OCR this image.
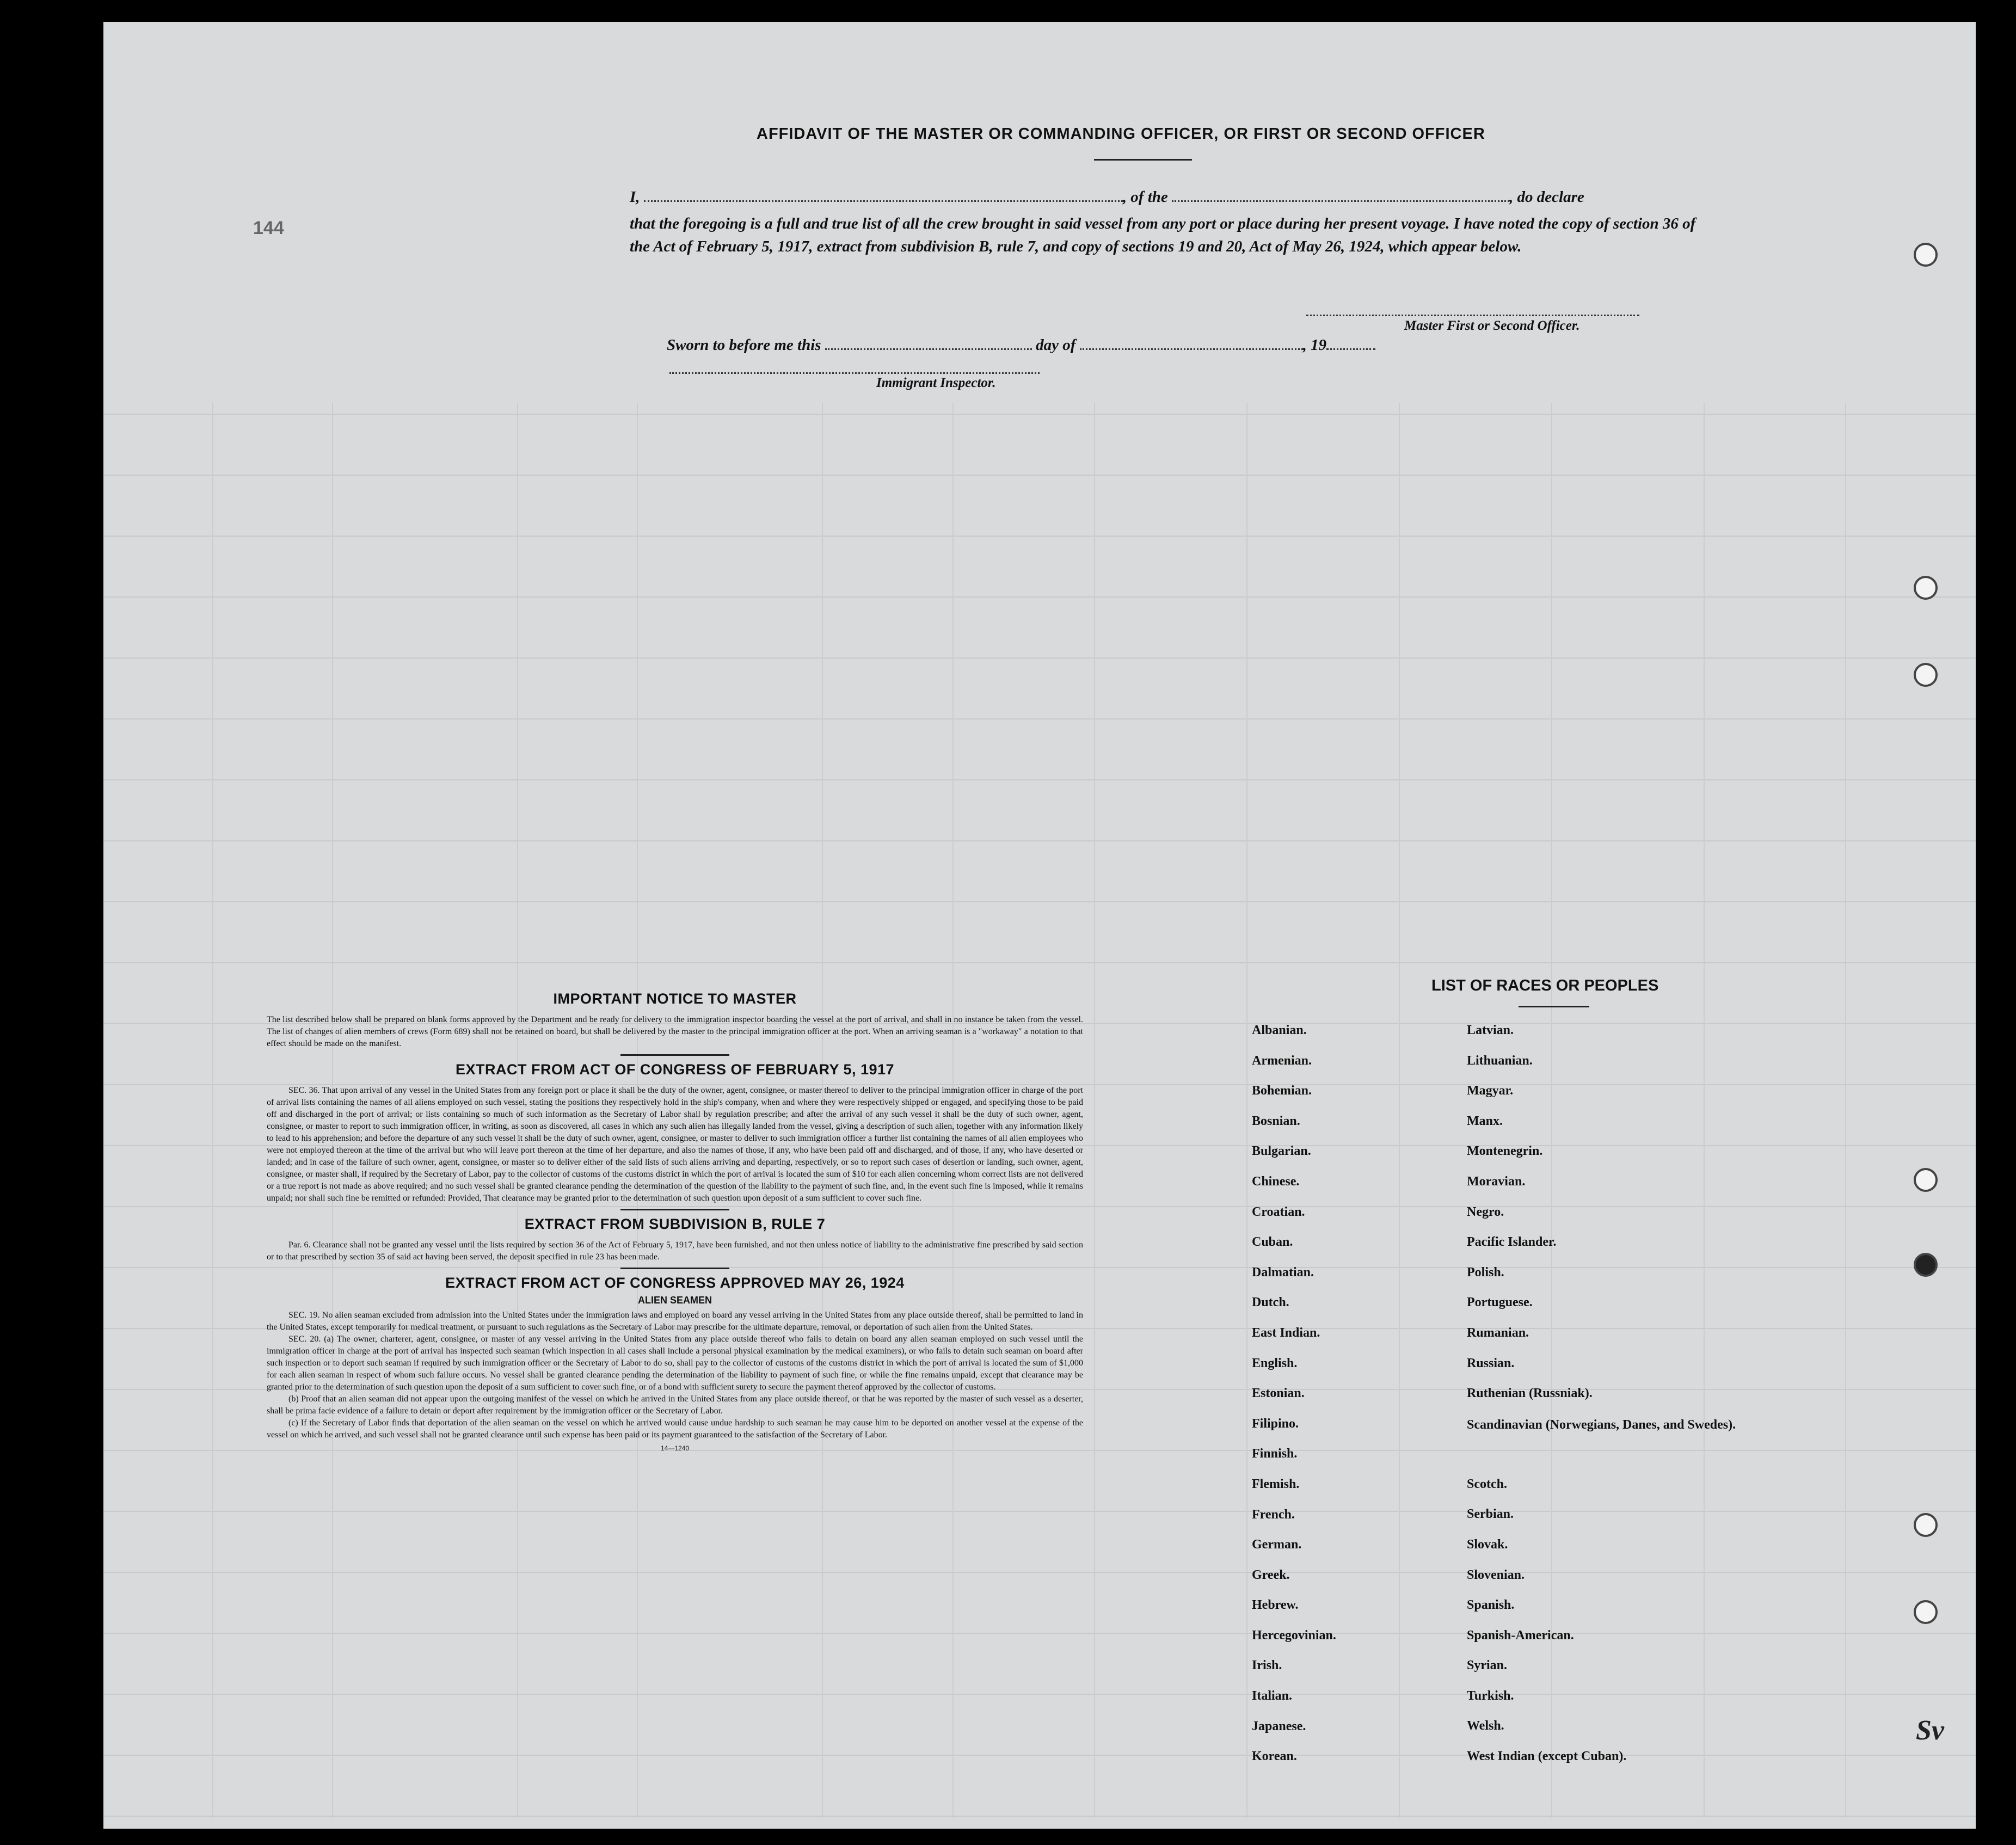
AFFIDAVIT OF THE MASTER OR COMMANDING OFFICER, OR FIRST OR SECOND OFFICER
I,	, of the	, do declare
that the foregoing is a full and true list of all the crew brought in said vessel from any port or place during her present voyage. I have noted the copy of section 36 of the Act of February 5, 1917, extract from subdivision B, rule 7, and copy of sections 19 and 20, Act of May 26, 1924, which appear below.
Master First or Second Officer.
Sworn to before me this	day of	, 19
Immigrant Inspector.
144
Sv
IMPORTANT NOTICE TO MASTER

The list described below shall be prepared on blank forms approved by the Department and be ready for delivery to the immigration inspector boarding the vessel at the port of arrival, and shall in no instance be taken from the vessel. The list of changes of alien members of crews (Form 689) shall not be retained on board, but shall be delivered by the master to the principal immigration officer at the port. When an arriving seaman is a "workaway" a notation to that effect should be made on the manifest.

EXTRACT FROM ACT OF CONGRESS OF FEBRUARY 5, 1917

SEC. 36. That upon arrival of any vessel in the United States from any foreign port or place it shall be the duty of the owner, agent, consignee, or master thereof to deliver to the principal immigration officer in charge of the port of arrival lists containing the names of all aliens employed on such vessel, stating the positions they respectively hold in the ship's company, when and where they were respectively shipped or engaged, and specifying those to be paid off and discharged in the port of arrival; or lists containing so much of such information as the Secretary of Labor shall by regulation prescribe; and after the arrival of any such vessel it shall be the duty of such owner, agent, consignee, or master to report to such immigration officer, in writing, as soon as discovered, all cases in which any such alien has illegally landed from the vessel, giving a description of such alien, together with any information likely to lead to his apprehension; and before the departure of any such vessel it shall be the duty of such owner, agent, consignee, or master to deliver to such immigration officer a further list containing the names of all alien employees who were not employed thereon at the time of the arrival but who will leave port thereon at the time of her departure, and also the names of those, if any, who have been paid off and discharged, and of those, if any, who have deserted or landed; and in case of the failure of such owner, agent, consignee, or master so to deliver either of the said lists of such aliens arriving and departing, respectively, or so to report such cases of desertion or landing, such owner, agent, consignee, or master shall, if required by the Secretary of Labor, pay to the collector of customs of the customs district in which the port of arrival is located the sum of $10 for each alien concerning whom correct lists are not delivered or a true report is not made as above required; and no such vessel shall be granted clearance pending the determination of the question of the liability to the payment of such fine, and, in the event such fine is imposed, while it remains unpaid; nor shall such fine be remitted or refunded: Provided, That clearance may be granted prior to the determination of such question upon deposit of a sum sufficient to cover such fine.

EXTRACT FROM SUBDIVISION B, RULE 7

Par. 6. Clearance shall not be granted any vessel until the lists required by section 36 of the Act of February 5, 1917, have been furnished, and not then unless notice of liability to the administrative fine prescribed by said section or to that prescribed by section 35 of said act having been served, the deposit specified in rule 23 has been made.

EXTRACT FROM ACT OF CONGRESS APPROVED MAY 26, 1924
ALIEN SEAMEN

SEC. 19. No alien seaman excluded from admission into the United States under the immigration laws and employed on board any vessel arriving in the United States from any place outside thereof, shall be permitted to land in the United States, except temporarily for medical treatment, or pursuant to such regulations as the Secretary of Labor may prescribe for the ultimate departure, removal, or deportation of such alien from the United States.

SEC. 20. (a) The owner, charterer, agent, consignee, or master of any vessel arriving in the United States from any place outside thereof who fails to detain on board any alien seaman employed on such vessel until the immigration officer in charge at the port of arrival has inspected such seaman (which inspection in all cases shall include a personal physical examination by the medical examiners), or who fails to detain such seaman on board after such inspection or to deport such seaman if required by such immigration officer or the Secretary of Labor to do so, shall pay to the collector of customs of the customs district in which the port of arrival is located the sum of $1,000 for each alien seaman in respect of whom such failure occurs. No vessel shall be granted clearance pending the determination of the liability to payment of such fine, or while the fine remains unpaid, except that clearance may be granted prior to the determination of such question upon the deposit of a sum sufficient to cover such fine, or of a bond with sufficient surety to secure the payment thereof approved by the collector of customs.

(b) Proof that an alien seaman did not appear upon the outgoing manifest of the vessel on which he arrived in the United States from any place outside thereof, or that he was reported by the master of such vessel as a deserter, shall be prima facie evidence of a failure to detain or deport after requirement by the immigration officer or the Secretary of Labor.

(c) If the Secretary of Labor finds that deportation of the alien seaman on the vessel on which he arrived would cause undue hardship to such seaman he may cause him to be deported on another vessel at the expense of the vessel on which he arrived, and such vessel shall not be granted clearance until such expense has been paid or its payment guaranteed to the satisfaction of the Secretary of Labor.

14—1240
LIST OF RACES OR PEOPLES
Albanian.
Armenian.
Bohemian.
Bosnian.
Bulgarian.
Chinese.
Croatian.
Cuban.
Dalmatian.
Dutch.
East Indian.
English.
Estonian.
Filipino.
Finnish.
Flemish.
French.
German.
Greek.
Hebrew.
Hercegovinian.
Irish.
Italian.
Japanese.
Korean.
Latvian.
Lithuanian.
Magyar.
Manx.
Montenegrin.
Moravian.
Negro.
Pacific Islander.
Polish.
Portuguese.
Rumanian.
Russian.
Ruthenian (Russniak).
Scandinavian (Norwegians, Danes, and Swedes).
Scotch.
Serbian.
Slovak.
Slovenian.
Spanish.
Spanish-American.
Syrian.
Turkish.
Welsh.
West Indian (except Cuban).
